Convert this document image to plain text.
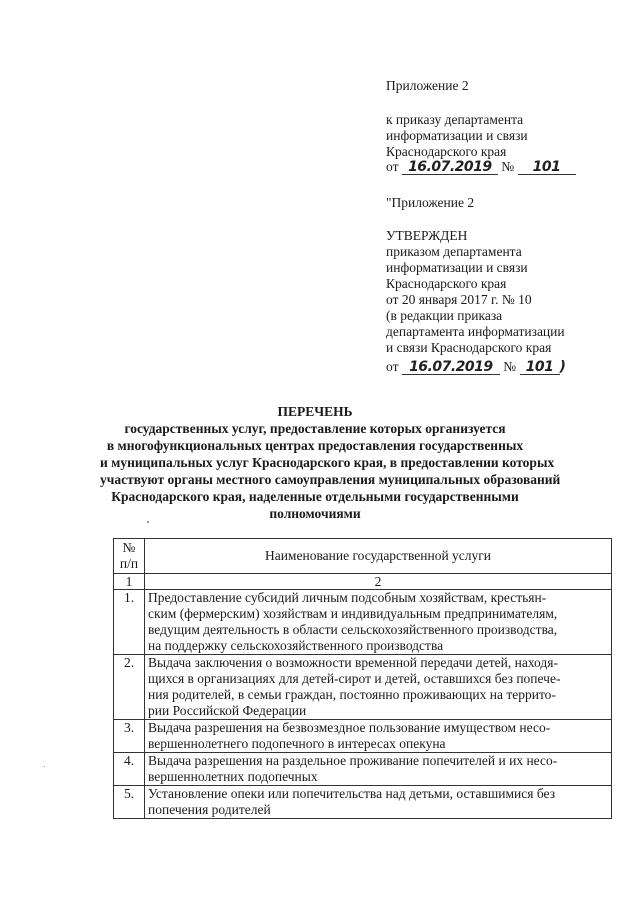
Приложение 2
к приказу департамента
информатизации и связи
Краснодарского края
от 16.07.2019 № 101
"Приложение 2
УТВЕРЖДЕН
приказом департамента
информатизации и связи
Краснодарского края
от 20 января 2017 г. № 10
(в редакции приказа
департамента информатизации
и связи Краснодарского края
от 16.07.2019 № 101 )
ПЕРЕЧЕНЬ
государственных услуг, предоставление которых организуется
в многофункциональных центрах предоставления государственных
и муниципальных услуг Краснодарского края, в предоставлении которых
участвуют органы местного самоуправления муниципальных образований
Краснодарского края, наделенные отдельными государственными
полномочиями
№
п/п	Наименование государственной услуги
1	2
1.	Предоставление субсидий личным подсобным хозяйствам, крестьян-
ским (фермерским) хозяйствам и индивидуальным предпринимателям,
ведущим деятельность в области сельскохозяйственного производства,
на поддержку сельскохозяйственного производства

2.	Выдача заключения о возможности временной передачи детей, находя-
щихся в организациях для детей-сирот и детей, оставшихся без попече-
ния родителей, в семьи граждан, постоянно проживающих на террито-
рии Российской Федерации

3.	Выдача разрешения на безвозмездное пользование имуществом несо-
вершеннолетнего подопечного в интересах опекуна

4.	Выдача разрешения на раздельное проживание попечителей и их несо-
вершеннолетних подопечных

5.	Установление опеки или попечительства над детьми, оставшимися без
попечения родителей
